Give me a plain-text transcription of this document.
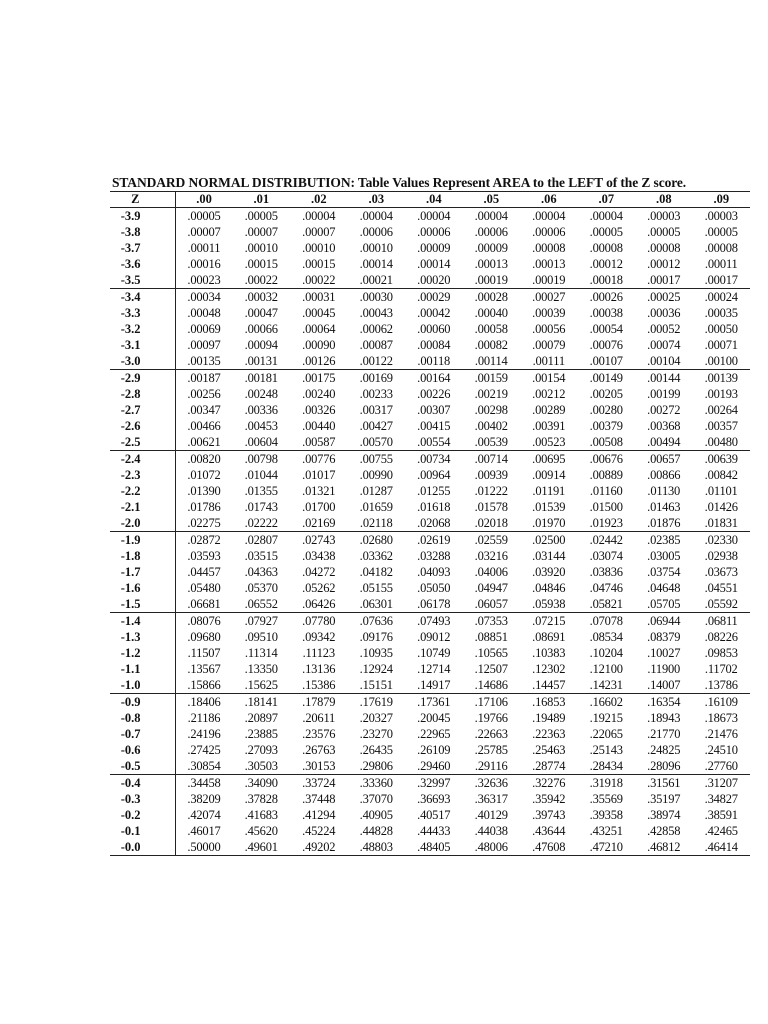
STANDARD NORMAL DISTRIBUTION: Table Values Represent AREA to the LEFT of the Z score.
Z	.00	.01	.02	.03	.04	.05	.06	.07	.08	.09
-3.9	.00005	.00005	.00004	.00004	.00004	.00004	.00004	.00004	.00003	.00003
-3.8	.00007	.00007	.00007	.00006	.00006	.00006	.00006	.00005	.00005	.00005
-3.7	.00011	.00010	.00010	.00010	.00009	.00009	.00008	.00008	.00008	.00008
-3.6	.00016	.00015	.00015	.00014	.00014	.00013	.00013	.00012	.00012	.00011
-3.5	.00023	.00022	.00022	.00021	.00020	.00019	.00019	.00018	.00017	.00017
-3.4	.00034	.00032	.00031	.00030	.00029	.00028	.00027	.00026	.00025	.00024
-3.3	.00048	.00047	.00045	.00043	.00042	.00040	.00039	.00038	.00036	.00035
-3.2	.00069	.00066	.00064	.00062	.00060	.00058	.00056	.00054	.00052	.00050
-3.1	.00097	.00094	.00090	.00087	.00084	.00082	.00079	.00076	.00074	.00071
-3.0	.00135	.00131	.00126	.00122	.00118	.00114	.00111	.00107	.00104	.00100
-2.9	.00187	.00181	.00175	.00169	.00164	.00159	.00154	.00149	.00144	.00139
-2.8	.00256	.00248	.00240	.00233	.00226	.00219	.00212	.00205	.00199	.00193
-2.7	.00347	.00336	.00326	.00317	.00307	.00298	.00289	.00280	.00272	.00264
-2.6	.00466	.00453	.00440	.00427	.00415	.00402	.00391	.00379	.00368	.00357
-2.5	.00621	.00604	.00587	.00570	.00554	.00539	.00523	.00508	.00494	.00480
-2.4	.00820	.00798	.00776	.00755	.00734	.00714	.00695	.00676	.00657	.00639
-2.3	.01072	.01044	.01017	.00990	.00964	.00939	.00914	.00889	.00866	.00842
-2.2	.01390	.01355	.01321	.01287	.01255	.01222	.01191	.01160	.01130	.01101
-2.1	.01786	.01743	.01700	.01659	.01618	.01578	.01539	.01500	.01463	.01426
-2.0	.02275	.02222	.02169	.02118	.02068	.02018	.01970	.01923	.01876	.01831
-1.9	.02872	.02807	.02743	.02680	.02619	.02559	.02500	.02442	.02385	.02330
-1.8	.03593	.03515	.03438	.03362	.03288	.03216	.03144	.03074	.03005	.02938
-1.7	.04457	.04363	.04272	.04182	.04093	.04006	.03920	.03836	.03754	.03673
-1.6	.05480	.05370	.05262	.05155	.05050	.04947	.04846	.04746	.04648	.04551
-1.5	.06681	.06552	.06426	.06301	.06178	.06057	.05938	.05821	.05705	.05592
-1.4	.08076	.07927	.07780	.07636	.07493	.07353	.07215	.07078	.06944	.06811
-1.3	.09680	.09510	.09342	.09176	.09012	.08851	.08691	.08534	.08379	.08226
-1.2	.11507	.11314	.11123	.10935	.10749	.10565	.10383	.10204	.10027	.09853
-1.1	.13567	.13350	.13136	.12924	.12714	.12507	.12302	.12100	.11900	.11702
-1.0	.15866	.15625	.15386	.15151	.14917	.14686	.14457	.14231	.14007	.13786
-0.9	.18406	.18141	.17879	.17619	.17361	.17106	.16853	.16602	.16354	.16109
-0.8	.21186	.20897	.20611	.20327	.20045	.19766	.19489	.19215	.18943	.18673
-0.7	.24196	.23885	.23576	.23270	.22965	.22663	.22363	.22065	.21770	.21476
-0.6	.27425	.27093	.26763	.26435	.26109	.25785	.25463	.25143	.24825	.24510
-0.5	.30854	.30503	.30153	.29806	.29460	.29116	.28774	.28434	.28096	.27760
-0.4	.34458	.34090	.33724	.33360	.32997	.32636	.32276	.31918	.31561	.31207
-0.3	.38209	.37828	.37448	.37070	.36693	.36317	.35942	.35569	.35197	.34827
-0.2	.42074	.41683	.41294	.40905	.40517	.40129	.39743	.39358	.38974	.38591
-0.1	.46017	.45620	.45224	.44828	.44433	.44038	.43644	.43251	.42858	.42465
-0.0	.50000	.49601	.49202	.48803	.48405	.48006	.47608	.47210	.46812	.46414
